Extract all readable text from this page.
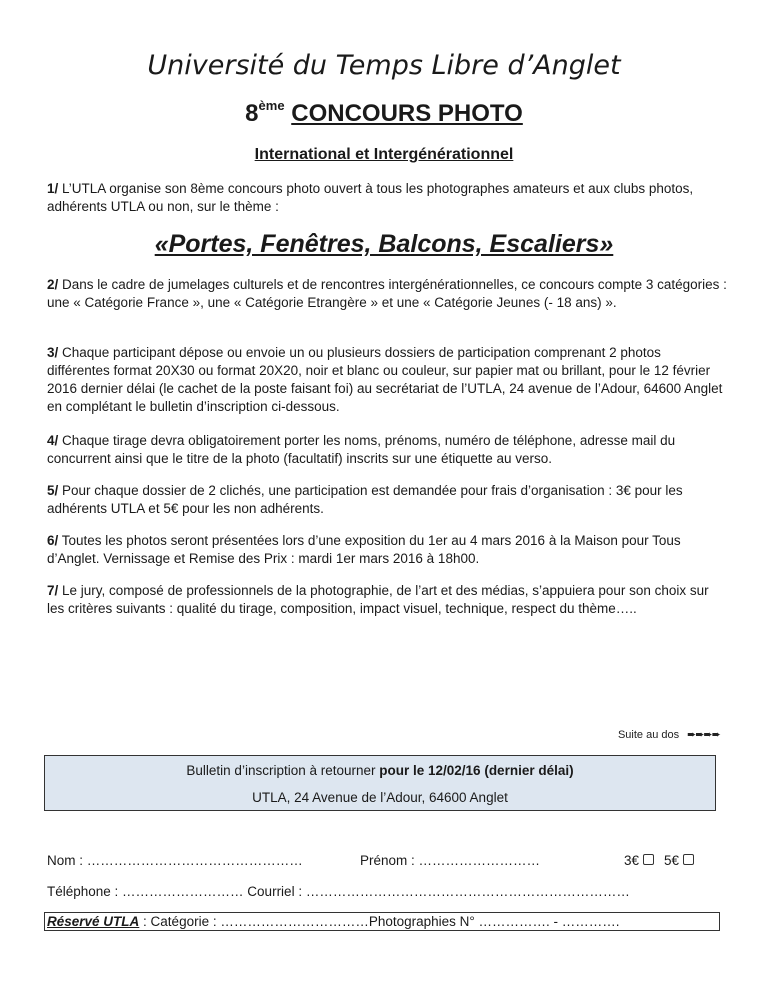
Université du Temps Libre d’Anglet
8ème CONCOURS PHOTO
International et Intergénérationnel

1/ L’UTLA organise son 8ème concours photo ouvert à tous les photographes amateurs et aux clubs photos, adhérents UTLA ou non, sur le thème :

«Portes, Fenêtres, Balcons, Escaliers»

2/ Dans le cadre de jumelages culturels et de rencontres intergénérationnelles, ce concours compte 3 catégories : une « Catégorie France », une « Catégorie Etrangère » et une « Catégorie Jeunes (- 18 ans) ».

3/ Chaque participant dépose ou envoie un ou plusieurs dossiers de participation comprenant 2 photos différentes format 20X30 ou format 20X20, noir et blanc ou couleur, sur papier mat ou brillant, pour le 12 février 2016 dernier délai (le cachet de la poste faisant foi) au secrétariat de l’UTLA, 24 avenue de l’Adour, 64600 Anglet en complétant le bulletin d’inscription ci-dessous.

4/ Chaque tirage devra obligatoirement porter les noms, prénoms, numéro de téléphone, adresse mail du concurrent ainsi que le titre de la photo (facultatif) inscrits sur une étiquette au verso.

5/ Pour chaque dossier de 2 clichés, une participation est demandée pour frais d’organisation : 3€ pour les adhérents UTLA et 5€ pour les non adhérents.

6/ Toutes les photos seront présentées lors d’une exposition du 1er au 4 mars 2016 à la Maison pour Tous d’Anglet. Vernissage et Remise des Prix : mardi 1er mars 2016 à 18h00.

7/ Le jury, composé de professionnels de la photographie, de l’art et des médias, s’appuiera pour son choix sur les critères suivants : qualité du tirage, composition, impact visuel, technique, respect du thème…..

Suite au dos ➨➨➨➨
Bulletin d’inscription à retourner pour le 12/02/16 (dernier délai)
UTLA, 24 Avenue de l’Adour, 64600 Anglet
Nom : …………………………………………	Prénom : ………………………	3€ 5€
Téléphone : ……………………… Courriel : ………………………………………………………………
Réservé UTLA : Catégorie : ……………………………Photographies N° ……………. - ………….
